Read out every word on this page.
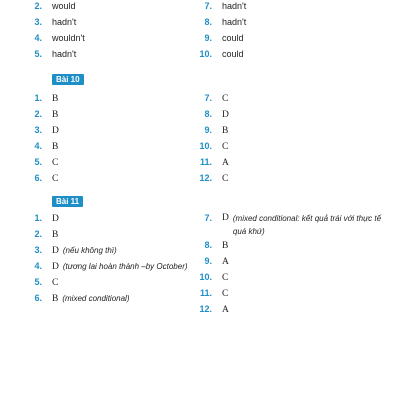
2. would
3. hadn't
4. wouldn't
5. hadn't
7. hadn't
8. hadn't
9. could
10. could
Bài 10
1. B
2. B
3. D
4. B
5. C
6. C
7. C
8. D
9. B
10. C
11. A
12. C
Bài 11
1. D
2. B
3. D (nếu không thì)
4. D (tương lai hoàn thành –by October)
5. C
6. B (mixed conditional)
7. D (mixed conditional: kết quả trái với thực tế quá khứ)
8. B
9. A
10. C
11. C
12. A
